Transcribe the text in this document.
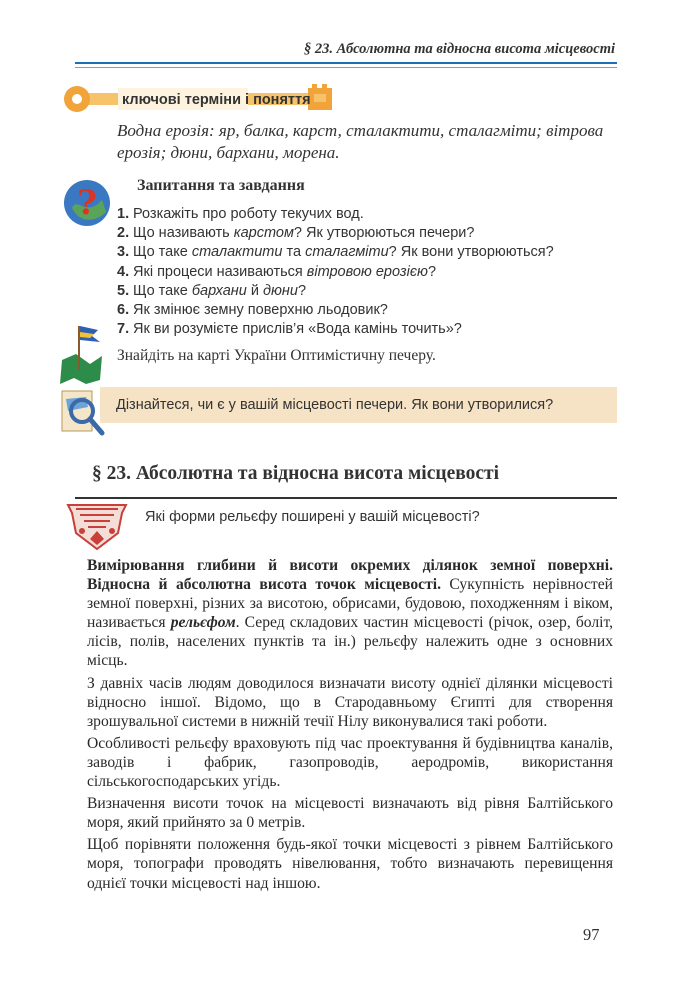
§ 23. Абсолютна та відносна висота місцевості
ключові терміни і поняття
Водна ерозія: яр, балка, карст, сталактити, сталагміти; вітрова ерозія; дюни, бархани, морена.
?	Запитання та завдання
1. Розкажіть про роботу текучих вод.
2. Що називають карстом? Як утворюються печери?
3. Що таке сталактити та сталагміти? Як вони утворюються?
4. Які процеси називаються вітровою ерозією?
5. Що таке бархани й дюни?
6. Як змінює земну поверхню льодовик?
7. Як ви розумієте прислів’я «Вода камінь точить»?
Знайдіть на карті України Оптимістичну печеру.
Дізнайтеся, чи є у вашій місцевості печери. Як вони утворилися?
§ 23. Абсолютна та відносна висота місцевості
Які форми рельєфу поширені у вашій місцевості?

Вимірювання глибини й висоти окремих ділянок земної поверхні. Відносна й абсолютна висота точок місцевості. Сукупність нерівностей земної поверхні, різних за висотою, обрисами, будовою, походженням і віком, називається рельєфом. Серед складових частин місцевості (річок, озер, боліт, лісів, полів, населених пунктів та ін.) рельєфу належить одне з основних місць.

З давніх часів людям доводилося визначати висоту однієї ділянки місцевості відносно іншої. Відомо, що в Стародавньому Єгипті для створення зрошувальної системи в нижній течії Нілу виконувалися такі роботи.

Особливості рельєфу враховують під час проектування й будівництва каналів, заводів і фабрик, газопроводів, аеродромів, використання сільськогосподарських угідь.

Визначення висоти точок на місцевості визначають від рівня Балтійського моря, який прийнято за 0 метрів.

Щоб порівняти положення будь-якої точки місцевості з рівнем Балтійського моря, топографи проводять нівелювання, тобто визначають перевищення однієї точки місцевості над іншою.

97
